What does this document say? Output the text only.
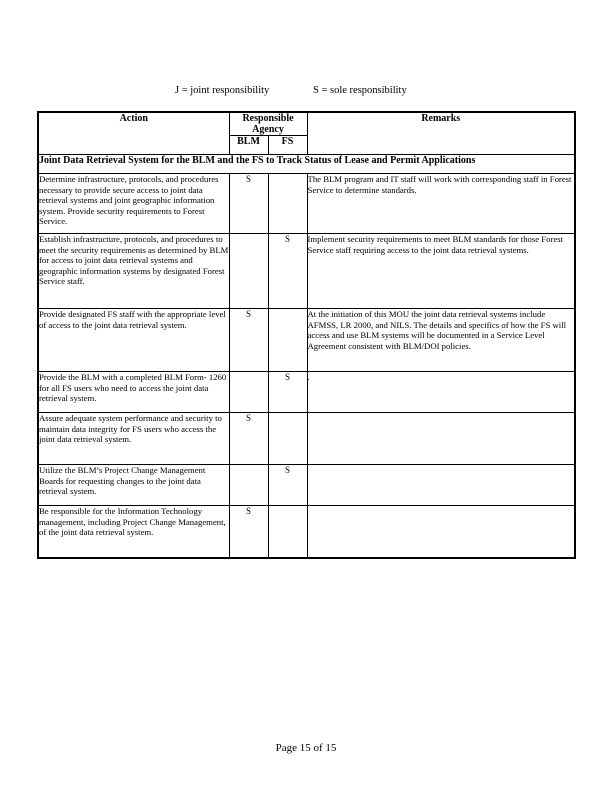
J = joint responsibility	S = sole responsibility
Action	Responsible Agency		Remarks
	BLM	FS	
Joint Data Retrieval System for the BLM and the FS to Track Status of Lease and Permit Applications			
Determine infrastructure, protocols, and procedures necessary to provide secure access to joint data retrieval systems and joint geographic information system. Provide security requirements to Forest Service.	S		The BLM program and IT staff will work with corresponding staff in Forest Service to determine standards.
Establish infrastructure, protocols, and procedures to meet the security requirements as determined by BLM for access to joint data retrieval systems and geographic information systems by designated Forest Service staff.		S	Implement security requirements to meet BLM standards for those Forest Service staff requiring access to the joint data retrieval systems.
Provide designated FS staff with the appropriate level of access to the joint data retrieval system.	S		At the initiation of this MOU the joint data retrieval systems include AFMSS, LR 2000, and NILS. The details and specifics of how the FS will access and use BLM systems will be documented in a Service Level Agreement consistent with BLM/DOI policies.
Provide the BLM with a completed BLM Form- 1260 for all FS users who need to access the joint data retrieval system.		S	.
Assure adequate system performance and security to maintain data integrity for FS users who access the joint data retrieval system.	S		
Utilize the BLM’s Project Change Management Boards for requesting changes to the joint data retrieval system.		S	
Be responsible for the Information Technology management, including Project Change Management, of the joint data retrieval system.	S		
Page 15 of 15
